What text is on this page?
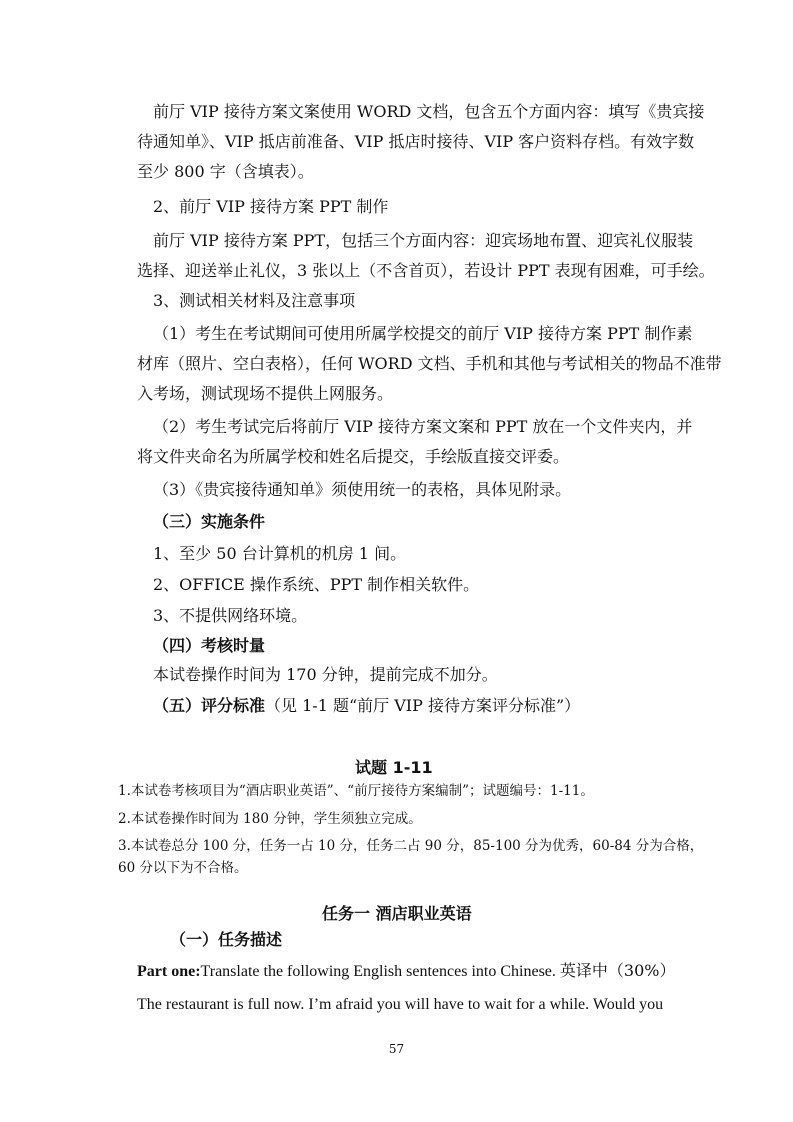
前厅 VIP 接待方案文案使用 WORD 文档，包含五个方面内容：填写《贵宾接
待通知单》、VIP 抵店前准备、VIP 抵店时接待、VIP 客户资料存档。有效字数
至少 800 字（含填表）。
2、前厅 VIP 接待方案 PPT 制作
前厅 VIP 接待方案 PPT，包括三个方面内容：迎宾场地布置、迎宾礼仪服装
选择、迎送举止礼仪，3 张以上（不含首页），若设计 PPT 表现有困难，可手绘。
3、测试相关材料及注意事项
（1）考生在考试期间可使用所属学校提交的前厅 VIP 接待方案 PPT 制作素
材库（照片、空白表格），任何 WORD 文档、手机和其他与考试相关的物品不准带
入考场，测试现场不提供上网服务。
（2）考生考试完后将前厅 VIP 接待方案文案和 PPT 放在一个文件夹内，并
将文件夹命名为所属学校和姓名后提交，手绘版直接交评委。
（3）《贵宾接待通知单》须使用统一的表格，具体见附录。
（三）实施条件
1、至少 50 台计算机的机房 1 间。
2、OFFICE 操作系统、PPT 制作相关软件。
3、不提供网络环境。
（四）考核时量
本试卷操作时间为 170 分钟，提前完成不加分。
（五）评分标准（见 1-1 题“前厅 VIP 接待方案评分标准”）
试题 1-11
1.本试卷考核项目为“酒店职业英语”、“前厅接待方案编制”；试题编号：1-11。
2.本试卷操作时间为 180 分钟，学生须独立完成。
3.本试卷总分 100 分，任务一占 10 分，任务二占 90 分，85-100 分为优秀，60-84 分为合格，
60 分以下为不合格。
任务一 酒店职业英语
（一）任务描述
Part one:Translate the following English sentences into Chinese. 英译中（30%）
The restaurant is full now. I’m afraid you will have to wait for a while. Would you
57
